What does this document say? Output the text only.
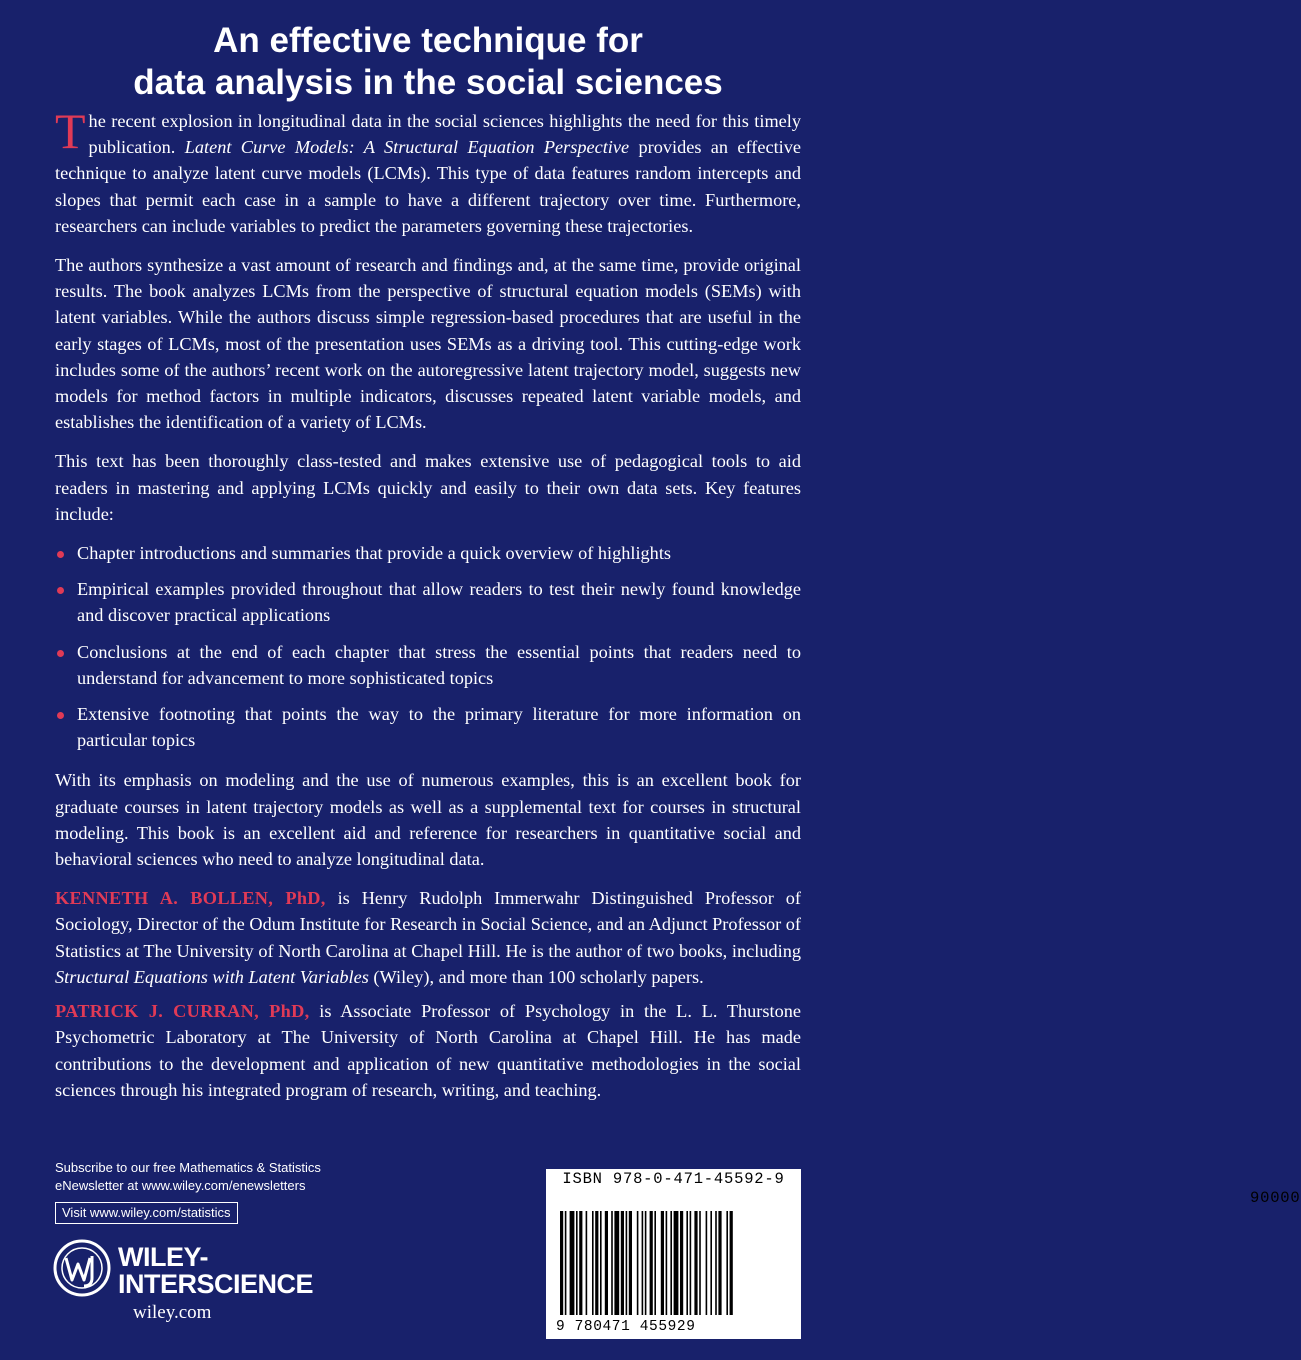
An effective technique for
data analysis in the social sciences

The recent explosion in longitudinal data in the social sciences highlights the need for this timely publication. Latent Curve Models: A Structural Equation Perspective provides an effective technique to analyze latent curve models (LCMs). This type of data features random intercepts and slopes that permit each case in a sample to have a different trajectory over time. Furthermore, researchers can include variables to predict the parameters governing these trajectories.

The authors synthesize a vast amount of research and findings and, at the same time, provide original results. The book analyzes LCMs from the perspective of structural equation models (SEMs) with latent variables. While the authors discuss simple regression-based procedures that are useful in the early stages of LCMs, most of the presentation uses SEMs as a driving tool. This cutting-edge work includes some of the authors’ recent work on the autoregressive latent trajectory model, suggests new models for method factors in multiple indicators, discusses repeated latent variable models, and establishes the identification of a variety of LCMs.

This text has been thoroughly class-tested and makes extensive use of pedagogical tools to aid readers in mastering and applying LCMs quickly and easily to their own data sets. Key features include:

Chapter introductions and summaries that provide a quick overview of highlights
Empirical examples provided throughout that allow readers to test their newly found knowledge and discover practical applications
Conclusions at the end of each chapter that stress the essential points that readers need to understand for advancement to more sophisticated topics
Extensive footnoting that points the way to the primary literature for more information on particular topics

With its emphasis on modeling and the use of numerous examples, this is an excellent book for graduate courses in latent trajectory models as well as a supplemental text for courses in structural modeling. This book is an excellent aid and reference for researchers in quantitative social and behavioral sciences who need to analyze longitudinal data.

KENNETH A. BOLLEN, PhD, is Henry Rudolph Immerwahr Distinguished Professor of Sociology, Director of the Odum Institute for Research in Social Science, and an Adjunct Professor of Statistics at The University of North Carolina at Chapel Hill. He is the author of two books, including Structural Equations with Latent Variables (Wiley), and more than 100 scholarly papers.

PATRICK J. CURRAN, PhD, is Associate Professor of Psychology in the L. L. Thurstone Psychometric Laboratory at The University of North Carolina at Chapel Hill. He has made contributions to the development and application of new quantitative methodologies in the social sciences through his integrated program of research, writing, and teaching.

Subscribe to our free Mathematics & Statistics
eNewsletter at www.wiley.com/enewsletters
Visit www.wiley.com/statistics
WILEY-
INTERSCIENCE
wiley.com
ISBN 978-0-471-45592-9
90000
9 780471 455929
